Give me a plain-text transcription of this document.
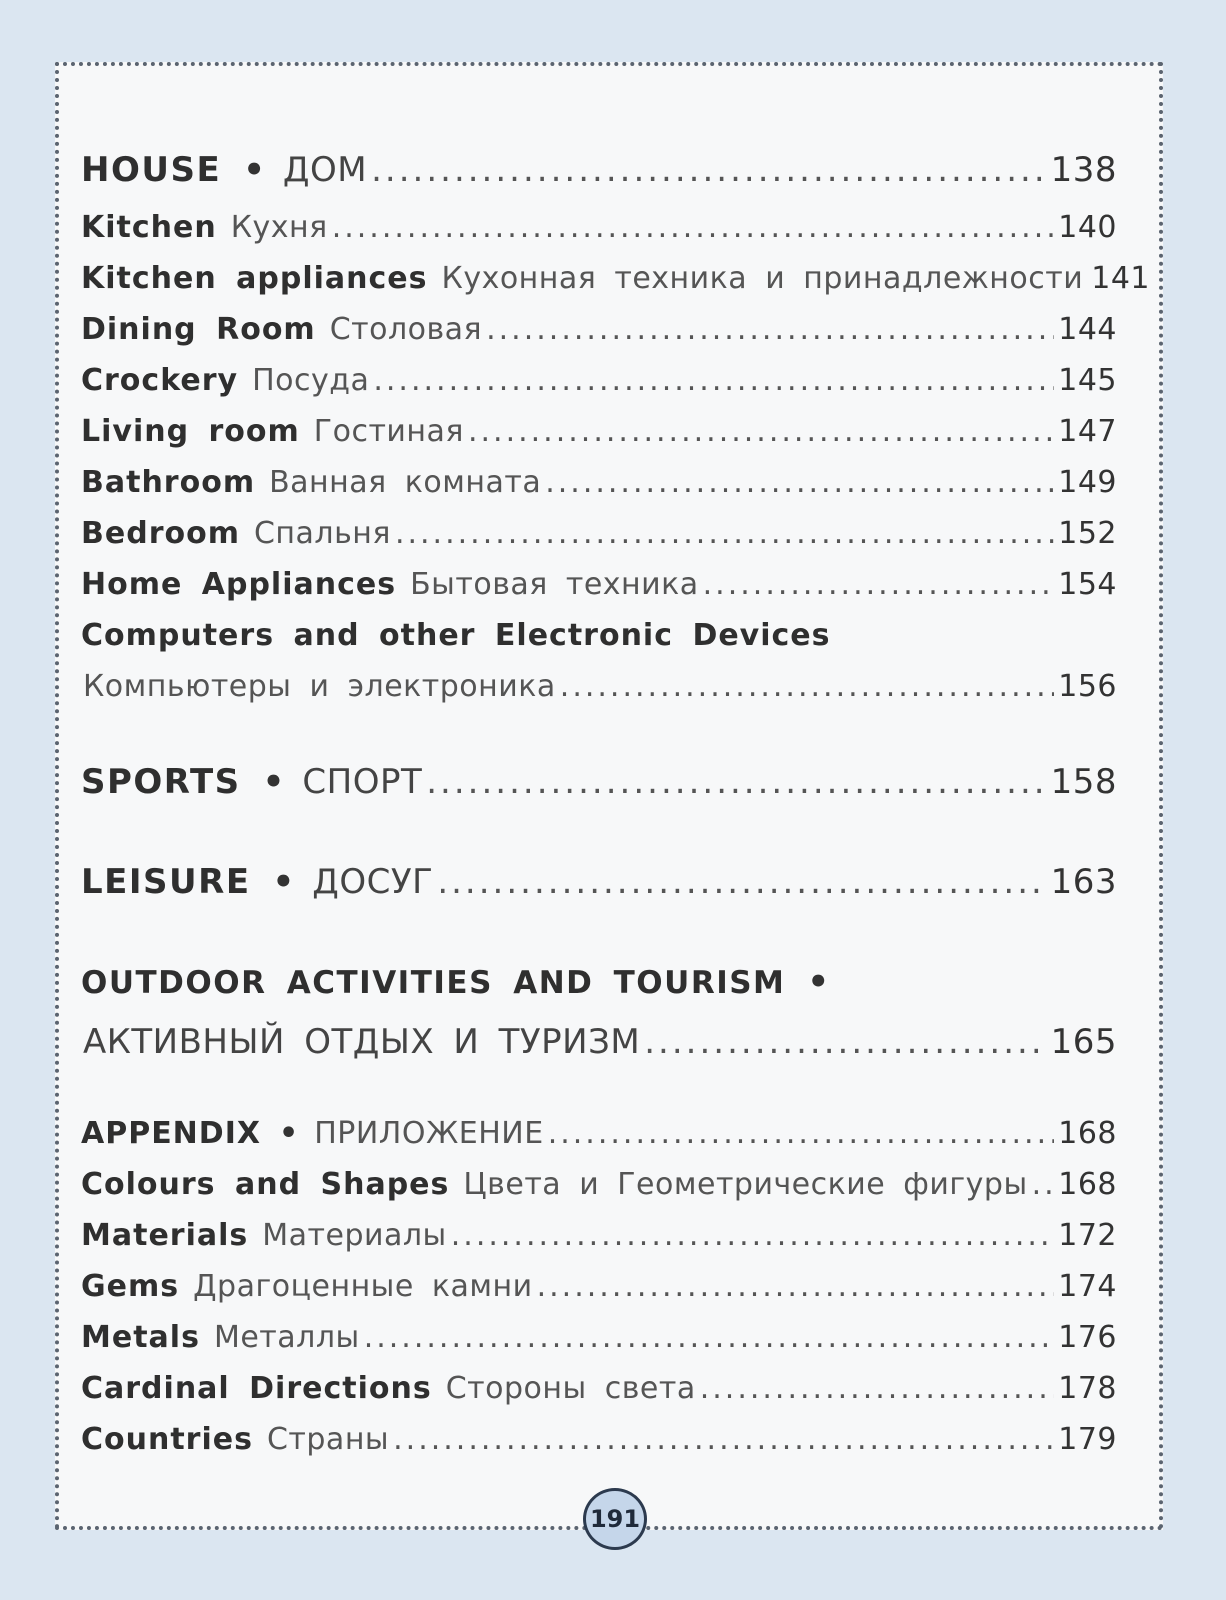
HOUSE • ДОМ .....	138
Kitchen Кухня .....	140
Kitchen appliances Кухонная техника и принадлежности 141
Dining Room Столовая .....	144
Crockery Посуда .....	145
Living room Гостиная .....	147
Bathroom Ванная комната .....	149
Bedroom Спальня .....	152
Home Appliances Бытовая техника .....	154
Computers and other Electronic Devices
Компьютеры и электроника .....	156
SPORTS • СПОРТ .....	158
LEISURE • ДОСУГ .....	163
OUTDOOR ACTIVITIES AND TOURISM •
АКТИВНЫЙ ОТДЫХ И ТУРИЗМ .....	165
APPENDIX • ПРИЛОЖЕНИЕ .....	168
Colours and Shapes Цвета и Геометрические фигуры ..... 168
Materials Материалы .....	172
Gems Драгоценные камни .....	174
Metals Металлы .....	176
Cardinal Directions Стороны света .....	178
Countries Страны .....	179
191
